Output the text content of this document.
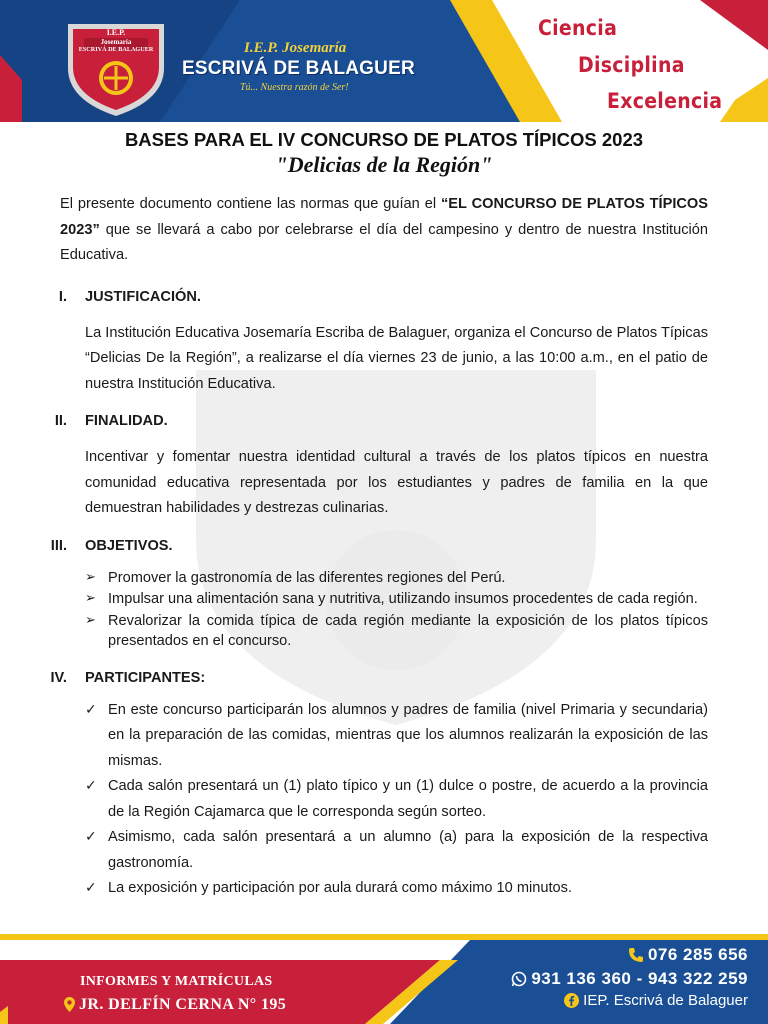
I.E.P.
Josemaría
ESCRIVÁ DE BALAGUER	I.E.P. Josemaría
ESCRIVÁ DE BALAGUER
Tú... Nuestra razón de Ser!
Ciencia
Disciplina
Excelencia
BASES PARA EL IV CONCURSO DE PLATOS TÍPICOS 2023
"Delicias de la Región"

El presente documento contiene las normas que guían el “EL CONCURSO DE PLATOS TÍPICOS 2023” que se llevará a cabo por celebrarse el día del campesino y dentro de nuestra Institución Educativa.

I. JUSTIFICACIÓN.

La Institución Educativa Josemaría Escriba de Balaguer, organiza el Concurso de Platos Típicas “Delicias De la Región”, a realizarse el día viernes 23 de junio, a las 10:00 a.m., en el patio de nuestra Institución Educativa.

II. FINALIDAD.

Incentivar y fomentar nuestra identidad cultural a través de los platos típicos en nuestra comunidad educativa representada por los estudiantes y padres de familia en la que demuestran habilidades y destrezas culinarias.

III. OBJETIVOS.
➢ Promover la gastronomía de las diferentes regiones del Perú.
➢ Impulsar una alimentación sana y nutritiva, utilizando insumos procedentes de cada región.
➢ Revalorizar la comida típica de cada región mediante la exposición de los platos típicos presentados en el concurso.
IV. PARTICIPANTES:
✓ En este concurso participarán los alumnos y padres de familia (nivel Primaria y secundaria) en la preparación de las comidas, mientras que los alumnos realizarán la exposición de las mismas.
✓ Cada salón presentará un (1) plato típico y un (1) dulce o postre, de acuerdo a la provincia de la Región Cajamarca que le corresponda según sorteo.
✓ Asimismo, cada salón presentará a un alumno (a) para la exposición de la respectiva gastronomía.
✓ La exposición y participación por aula durará como máximo 10 minutos.
INFORMES Y MATRÍCULAS
JR. DELFÍN CERNA N° 195
076 285 656
931 136 360 - 943 322 259
IEP. Escrivá de Balaguer
